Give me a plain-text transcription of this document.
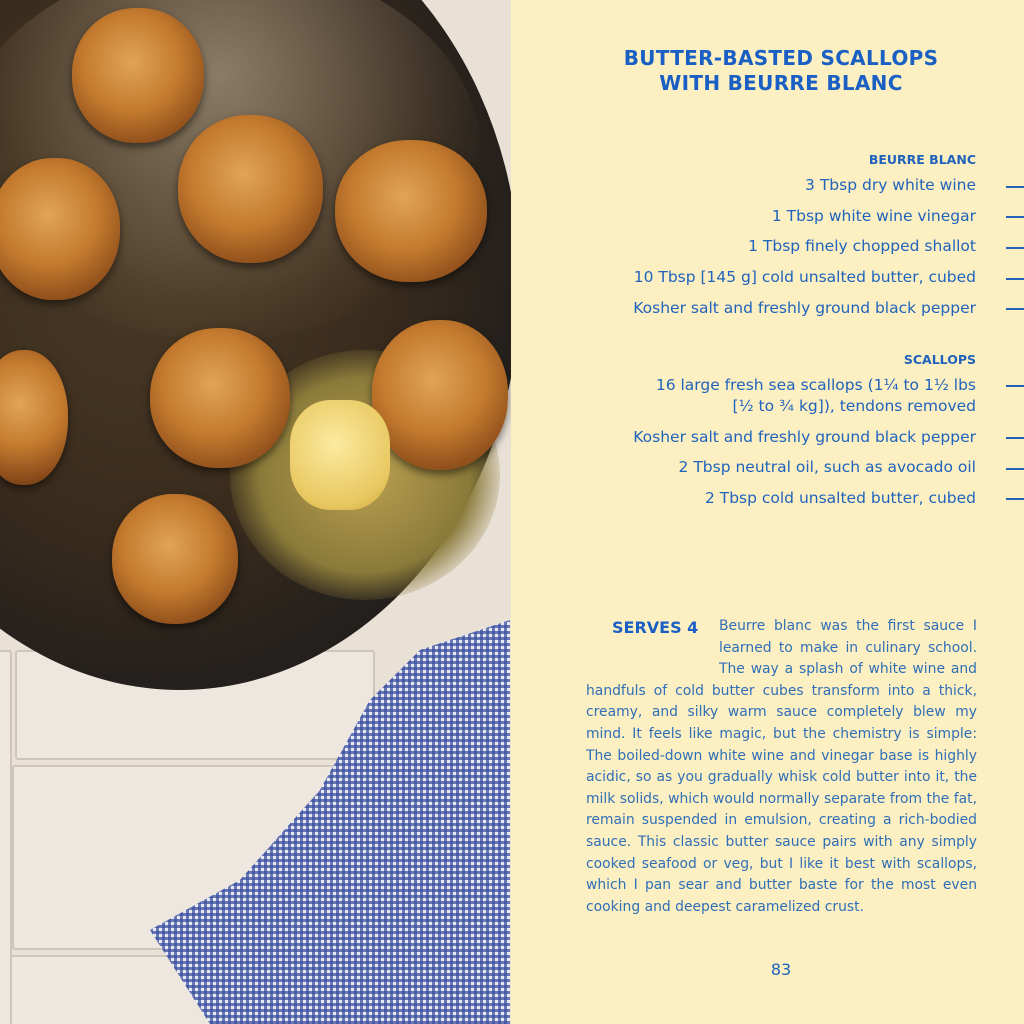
BUTTER-BASTED SCALLOPS
WITH BEURRE BLANC
BEURRE BLANC
3 Tbsp dry white wine
1 Tbsp white wine vinegar
1 Tbsp finely chopped shallot
10 Tbsp [145 g] cold unsalted butter, cubed
Kosher salt and freshly ground black pepper
SCALLOPS
16 large fresh sea scallops (1¼ to 1½ lbs
[½ to ¾ kg]), tendons removed
Kosher salt and freshly ground black pepper
2 Tbsp neutral oil, such as avocado oil
2 Tbsp cold unsalted butter, cubed
SERVES 4	Beurre blanc was the first sauce I learned to make in culinary school. The way a splash of white wine and handfuls of cold butter cubes transform into a thick, creamy, and silky warm sauce completely blew my mind. It feels like magic, but the chemistry is simple: The boiled-down white wine and vinegar base is highly acidic, so as you gradually whisk cold butter into it, the milk solids, which would normally separate from the fat, remain suspended in emulsion, creating a rich-bodied sauce. This classic butter sauce pairs with any simply cooked seafood or veg, but I like it best with scallops, which I pan sear and butter baste for the most even cooking and deepest caramelized crust.
83
